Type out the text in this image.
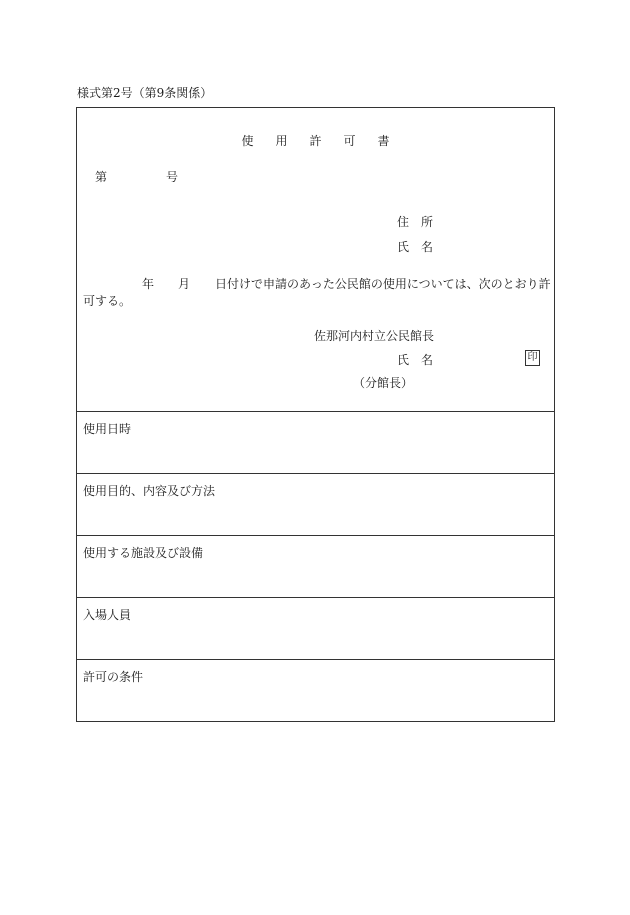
様式第2号（第9条関係）
使用許可書
第	号
住　所
氏　名
年 月 日付けで申請のあった公民館の使用については、次のとおり許
可する。
佐那河内村立公民館長
氏　名	印
（分館長）
使用日時
使用目的、内容及び方法
使用する施設及び設備
入場人員
許可の条件
